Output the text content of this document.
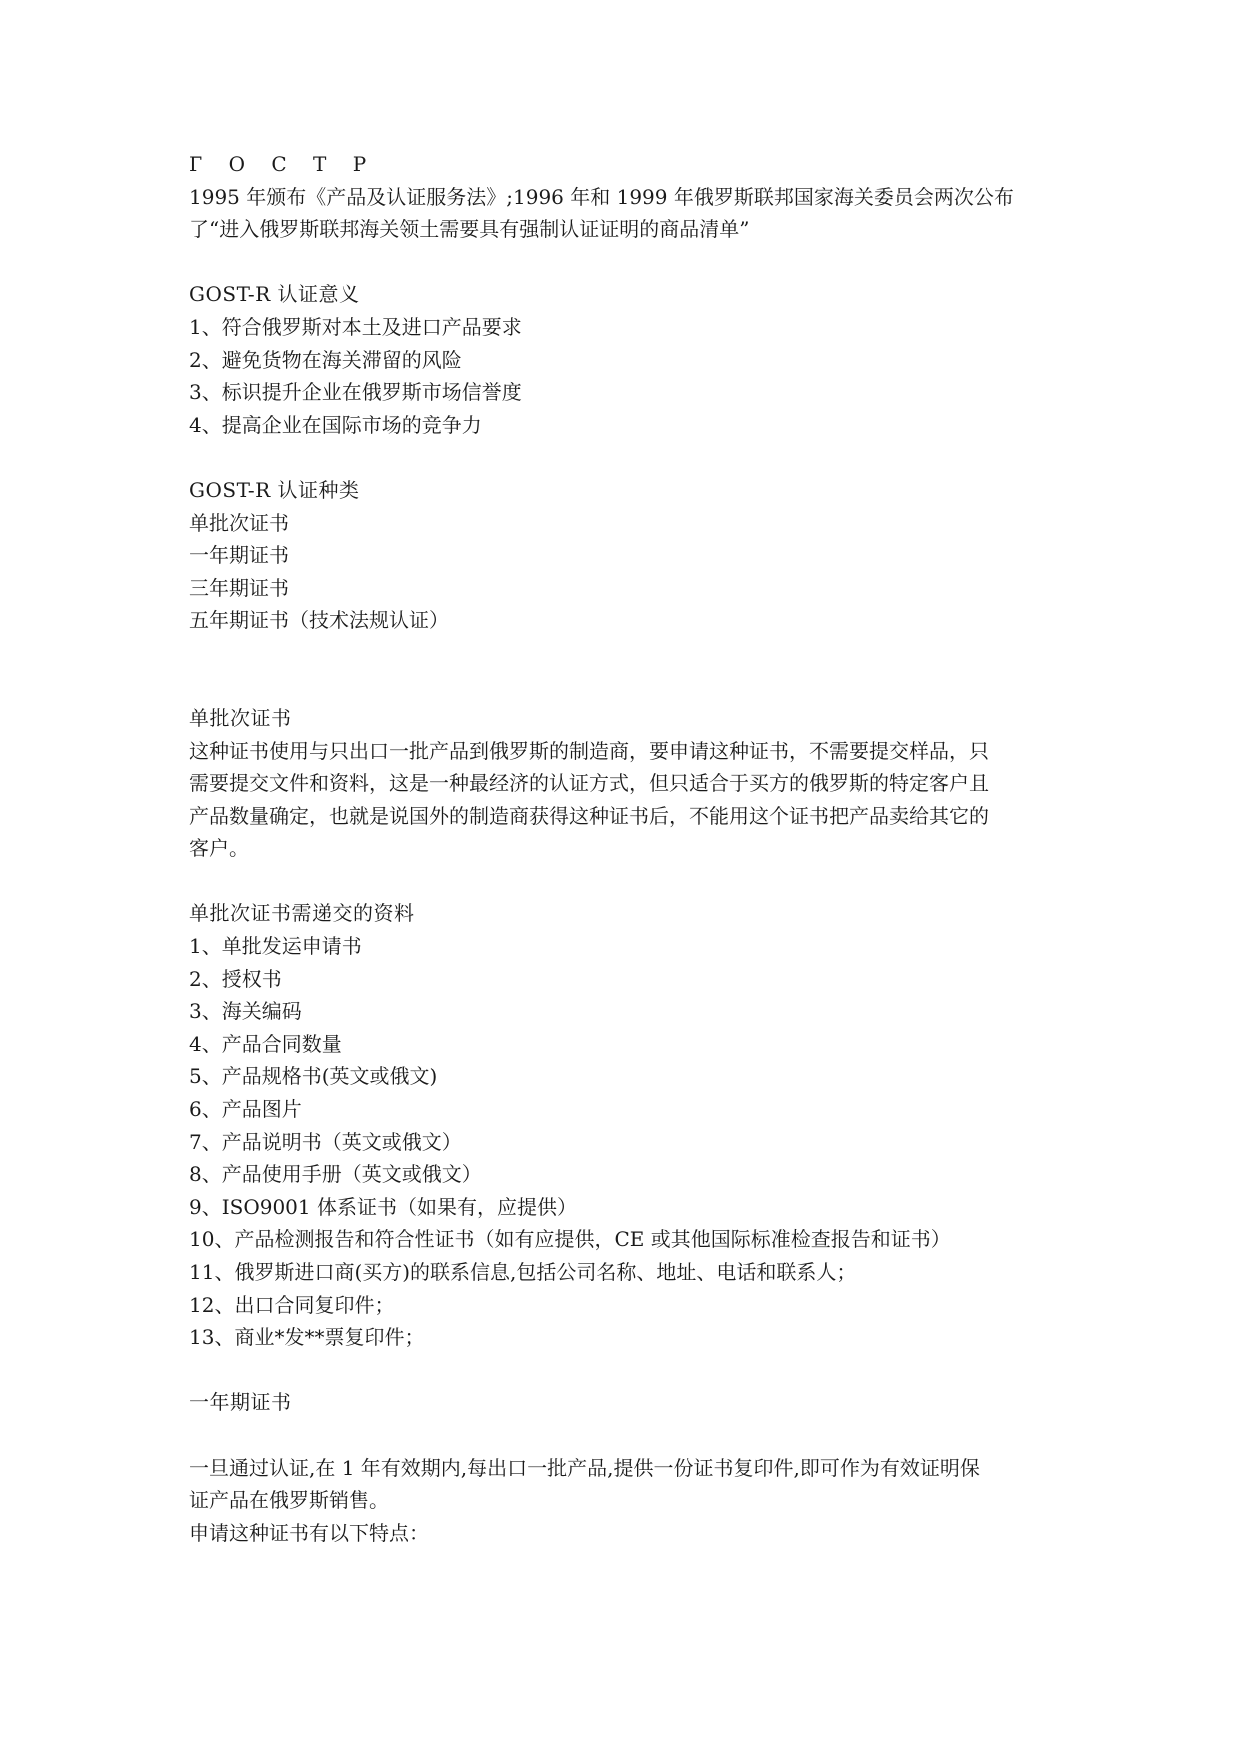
Г О С Т Р
1995 年颁布《产品及认证服务法》;1996 年和 1999 年俄罗斯联邦国家海关委员会两次公布
了“进入俄罗斯联邦海关领土需要具有强制认证证明的商品清单”
GOST-R 认证意义
1、符合俄罗斯对本土及进口产品要求
2、避免货物在海关滞留的风险
3、标识提升企业在俄罗斯市场信誉度
4、提高企业在国际市场的竞争力
GOST-R 认证种类
单批次证书
一年期证书
三年期证书
五年期证书（技术法规认证）
单批次证书
这种证书使用与只出口一批产品到俄罗斯的制造商，要申请这种证书，不需要提交样品，只
需要提交文件和资料，这是一种最经济的认证方式，但只适合于买方的俄罗斯的特定客户且
产品数量确定，也就是说国外的制造商获得这种证书后，不能用这个证书把产品卖给其它的
客户。
单批次证书需递交的资料
1、单批发运申请书
2、授权书
3、海关编码
4、产品合同数量
5、产品规格书(英文或俄文)
6、产品图片
7、产品说明书（英文或俄文）
8、产品使用手册（英文或俄文）
9、ISO9001 体系证书（如果有，应提供）
10、产品检测报告和符合性证书（如有应提供，CE 或其他国际标准检查报告和证书）
11、俄罗斯进口商(买方)的联系信息,包括公司名称、地址、电话和联系人；
12、出口合同复印件；
13、商业*发**票复印件；
一年期证书
一旦通过认证,在 1 年有效期内,每出口一批产品,提供一份证书复印件,即可作为有效证明保
证产品在俄罗斯销售。
申请这种证书有以下特点：
